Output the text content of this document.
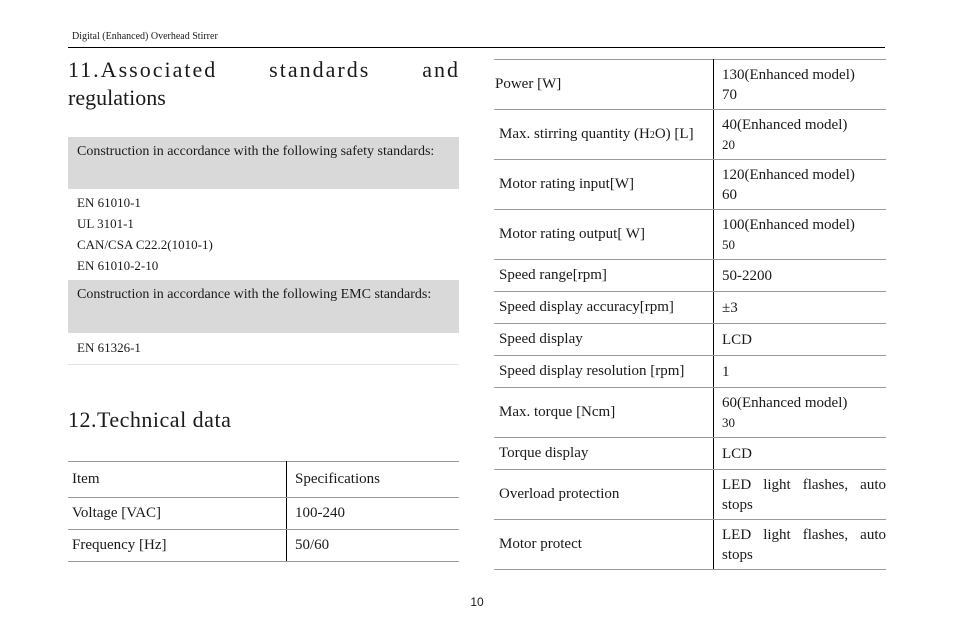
Digital (Enhanced) Overhead Stirrer
11.Associated standards and
regulations
Construction in accordance with the following safety standards:
EN 61010-1
UL 3101-1
CAN/CSA C22.2(1010-1)
EN 61010-2-10
Construction in accordance with the following EMC standards:
EN 61326-1
12.Technical data
Item	Specifications
Voltage [VAC]	100-240
Frequency [Hz]	50/60
Power [W]	130(Enhanced model)
70

Max. stirring quantity (H2O) [L]	40(Enhanced model)
20

Motor rating input[W]	120(Enhanced model)
60

Motor rating output[ W]	100(Enhanced model)
50

Speed range[rpm]	50-2200
Speed display accuracy[rpm]	±3
Speed display	LCD
Speed display resolution [rpm]	1
Max. torque [Ncm]	60(Enhanced model)
30

Torque display	LCD
Overload protection	LED light flashes, auto stops
Motor protect	LED light flashes, auto stops
10
